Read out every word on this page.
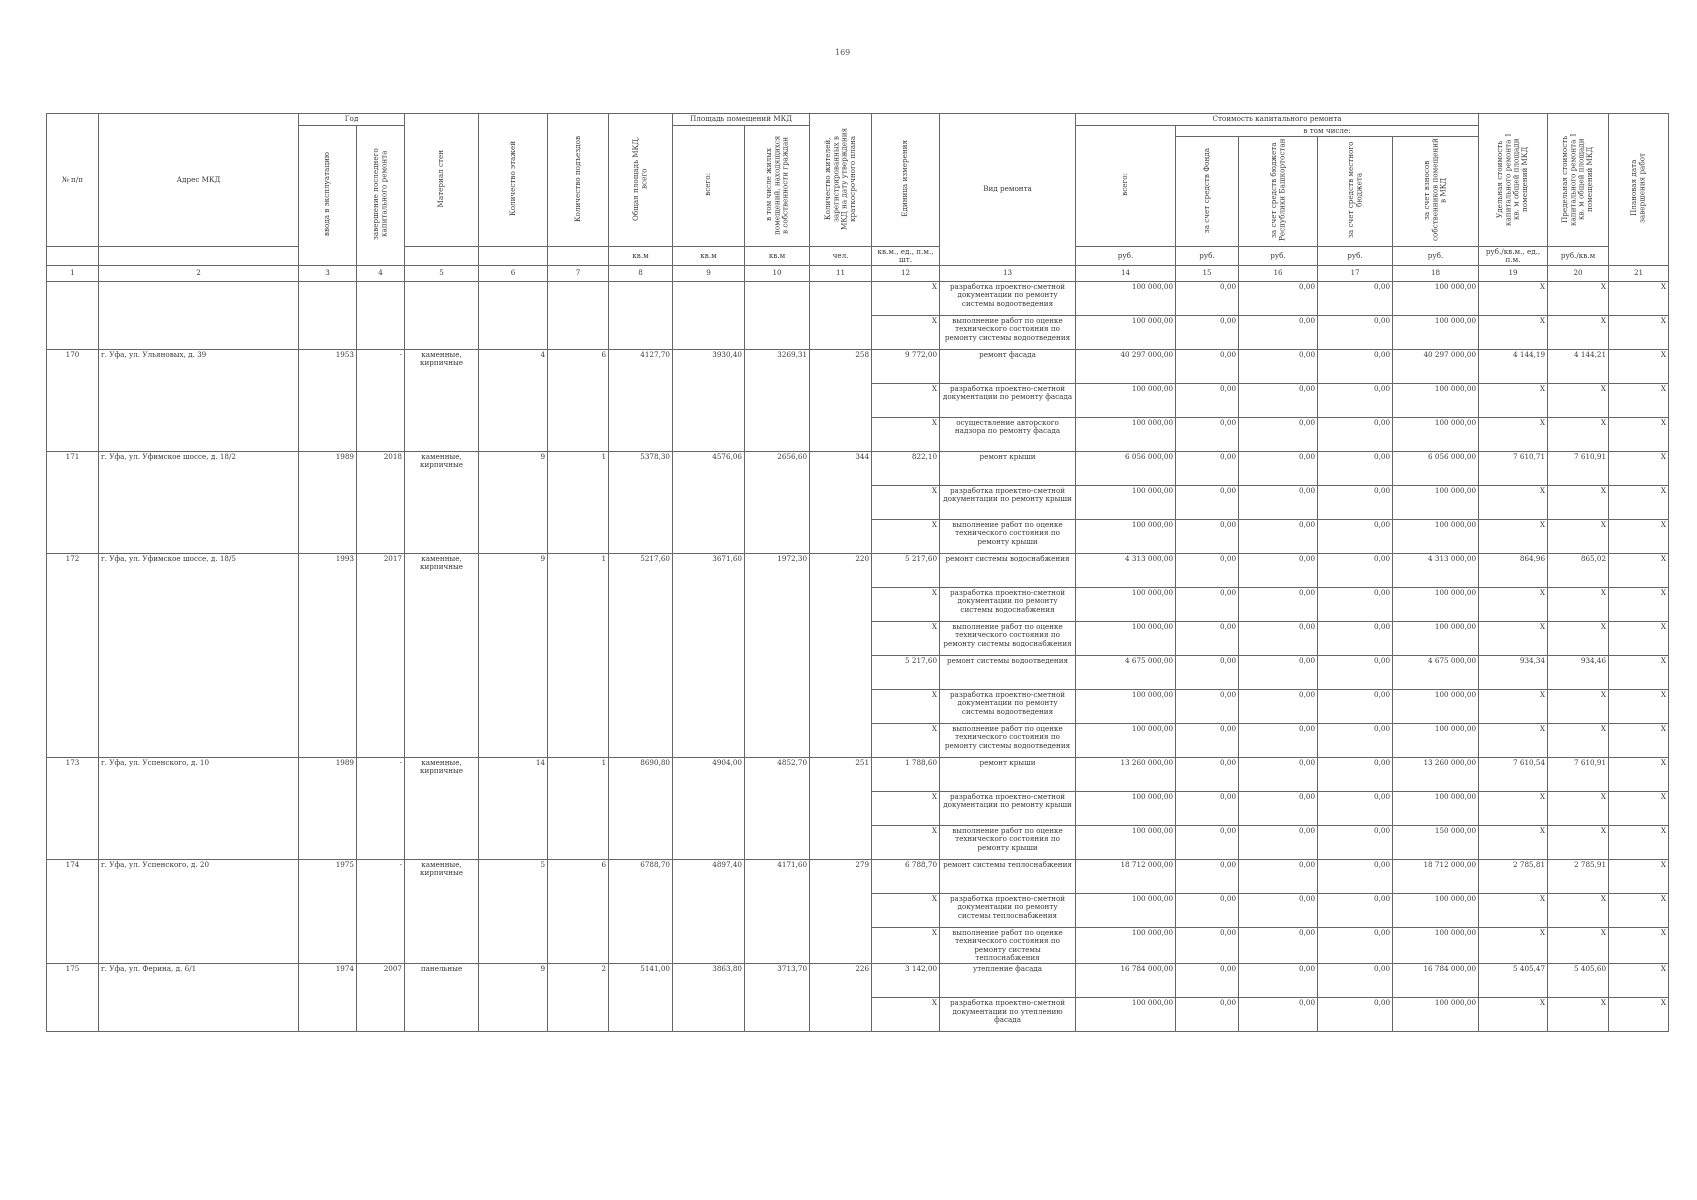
169
№ п/п	Адрес МКД	Год		Материал стен	Количество этажей	Количество подъездов	Общая площадь МКД, всего	Площадь помещений МКД		Количество жителей, зарегистрированных в МКД на дату утверждения краткосрочного плана	Единица измерения	Вид ремонта	Стоимость капитального ремонта					Удельная стоимость капитального ремонта 1 кв. м общей площади помещений МКД	Предельная стоимость капитального ремонта 1 кв. м общей площади помещений МКД	Плановая дата завершения работ
		ввода в эксплуатацию	завершение последнего капитального ремонта					всего:	в том числе жилых помещений, находящихся в собственности граждан				всего:	в том числе:						
														за счет средств Фонда	за счет средств бюджета Республики Башкортостан	за счет средств местного бюджета	за счет взносов собственников помещений в МКД			
							кв.м	кв.м	кв.м	чел.	кв.м., ед., п.м., шт.		руб.	руб.	руб.	руб.	руб.	руб./кв.м., ед., п.м.	руб./кв.м	
1	2	3	4	5	6	7	8	9	10	11	12	13	14	15	16	17	18	19	20	21
											X	разработка проектно-сметной документации по ремонту системы водоотведения	100 000,00	0,00	0,00	0,00	100 000,00	X	X	X
											X	выполнение работ по оценке технического состояния по ремонту системы водоотведения	100 000,00	0,00	0,00	0,00	100 000,00	X	X	X
170	г. Уфа, ул. Ульяновых, д. 39	1953	-	каменные, кирпичные	4	6	4127,70	3930,40	3269,31	258	9 772,00	ремонт фасада	40 297 000,00	0,00	0,00	0,00	40 297 000,00	4 144,19	4 144,21	X
											X	разработка проектно-сметной документации по ремонту фасада	100 000,00	0,00	0,00	0,00	100 000,00	X	X	X
											X	осуществление авторского надзора по ремонту фасада	100 000,00	0,00	0,00	0,00	100 000,00	X	X	X
171	г. Уфа, ул. Уфимское шоссе, д. 18/2	1989	2018	каменные, кирпичные	9	1	5378,30	4576,06	2656,60	344	822,10	ремонт крыши	6 056 000,00	0,00	0,00	0,00	6 056 000,00	7 610,71	7 610,91	X
											X	разработка проектно-сметной документации по ремонту крыши	100 000,00	0,00	0,00	0,00	100 000,00	X	X	X
											X	выполнение работ по оценке технического состояния по ремонту крыши	100 000,00	0,00	0,00	0,00	100 000,00	X	X	X
172	г. Уфа, ул. Уфимское шоссе, д. 18/5	1993	2017	каменные, кирпичные	9	1	5217,60	3671,60	1972,30	220	5 217,60	ремонт системы водоснабжения	4 313 000,00	0,00	0,00	0,00	4 313 000,00	864,96	865,02	X
											X	разработка проектно-сметной документации по ремонту системы водоснабжения	100 000,00	0,00	0,00	0,00	100 000,00	X	X	X
											X	выполнение работ по оценке технического состояния по ремонту системы водоснабжения	100 000,00	0,00	0,00	0,00	100 000,00	X	X	X
											5 217,60	ремонт системы водоотведения	4 675 000,00	0,00	0,00	0,00	4 675 000,00	934,34	934,46	X
											X	разработка проектно-сметной документации по ремонту системы водоотведения	100 000,00	0,00	0,00	0,00	100 000,00	X	X	X
											X	выполнение работ по оценке технического состояния по ремонту системы водоотведения	100 000,00	0,00	0,00	0,00	100 000,00	X	X	X
173	г. Уфа, ул. Успенского, д. 10	1989	-	каменные, кирпичные	14	1	8690,80	4904,00	4852,70	251	1 788,60	ремонт крыши	13 260 000,00	0,00	0,00	0,00	13 260 000,00	7 610,54	7 610,91	X
											X	разработка проектно-сметной документации по ремонту крыши	100 000,00	0,00	0,00	0,00	100 000,00	X	X	X
											X	выполнение работ по оценке технического состояния по ремонту крыши	100 000,00	0,00	0,00	0,00	150 000,00	X	X	X
174	г. Уфа, ул. Успенского, д. 20	1975	-	каменные, кирпичные	5	6	6788,70	4897,40	4171,60	279	6 788,70	ремонт системы теплоснабжения	18 712 000,00	0,00	0,00	0,00	18 712 000,00	2 785,81	2 785,91	X
											X	разработка проектно-сметной документации по ремонту системы теплоснабжения	100 000,00	0,00	0,00	0,00	100 000,00	X	X	X
											X	выполнение работ по оценке технического состояния по ремонту системы теплоснабжения	100 000,00	0,00	0,00	0,00	100 000,00	X	X	X
175	г. Уфа, ул. Ферина, д. 6/1	1974	2007	панельные	9	2	5141,00	3863,80	3713,70	226	3 142,00	утепление фасада	16 784 000,00	0,00	0,00	0,00	16 784 000,00	5 405,47	5 405,60	X
											X	разработка проектно-сметной документации по утеплению фасада	100 000,00	0,00	0,00	0,00	100 000,00	X	X	X
